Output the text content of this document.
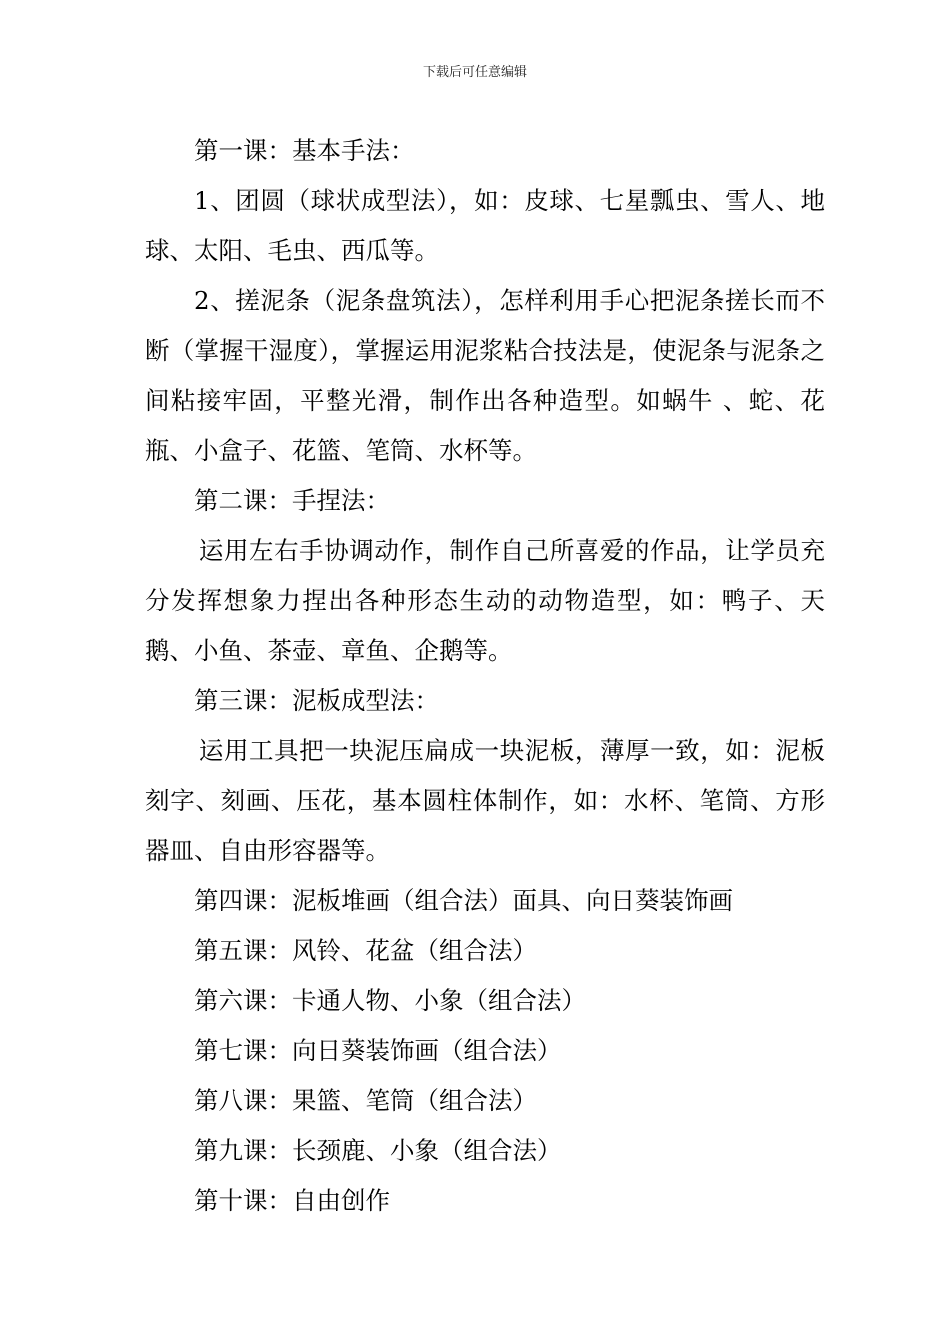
下载后可任意编辑

第一课：基本手法：

1、团圆（球状成型法），如：皮球、七星瓢虫、雪人、地球、太阳、毛虫、西瓜等。

2、搓泥条（泥条盘筑法），怎样利用手心把泥条搓长而不断（掌握干湿度），掌握运用泥浆粘合技法是，使泥条与泥条之间粘接牢固，平整光滑，制作出各种造型。如蜗牛 、蛇、花瓶、小盒子、花篮、笔筒、水杯等。

第二课：手捏法：

运用左右手协调动作，制作自己所喜爱的作品，让学员充分发挥想象力捏出各种形态生动的动物造型，如：鸭子、天鹅、小鱼、茶壶、章鱼、企鹅等。

第三课：泥板成型法：

运用工具把一块泥压扁成一块泥板，薄厚一致，如：泥板刻字、刻画、压花，基本圆柱体制作，如：水杯、笔筒、方形器皿、自由形容器等。

第四课：泥板堆画（组合法）面具、向日葵装饰画

第五课：风铃、花盆（组合法）

第六课：卡通人物、小象（组合法）

第七课：向日葵装饰画（组合法）

第八课：果篮、笔筒（组合法）

第九课：长颈鹿、小象（组合法）

第十课：自由创作
